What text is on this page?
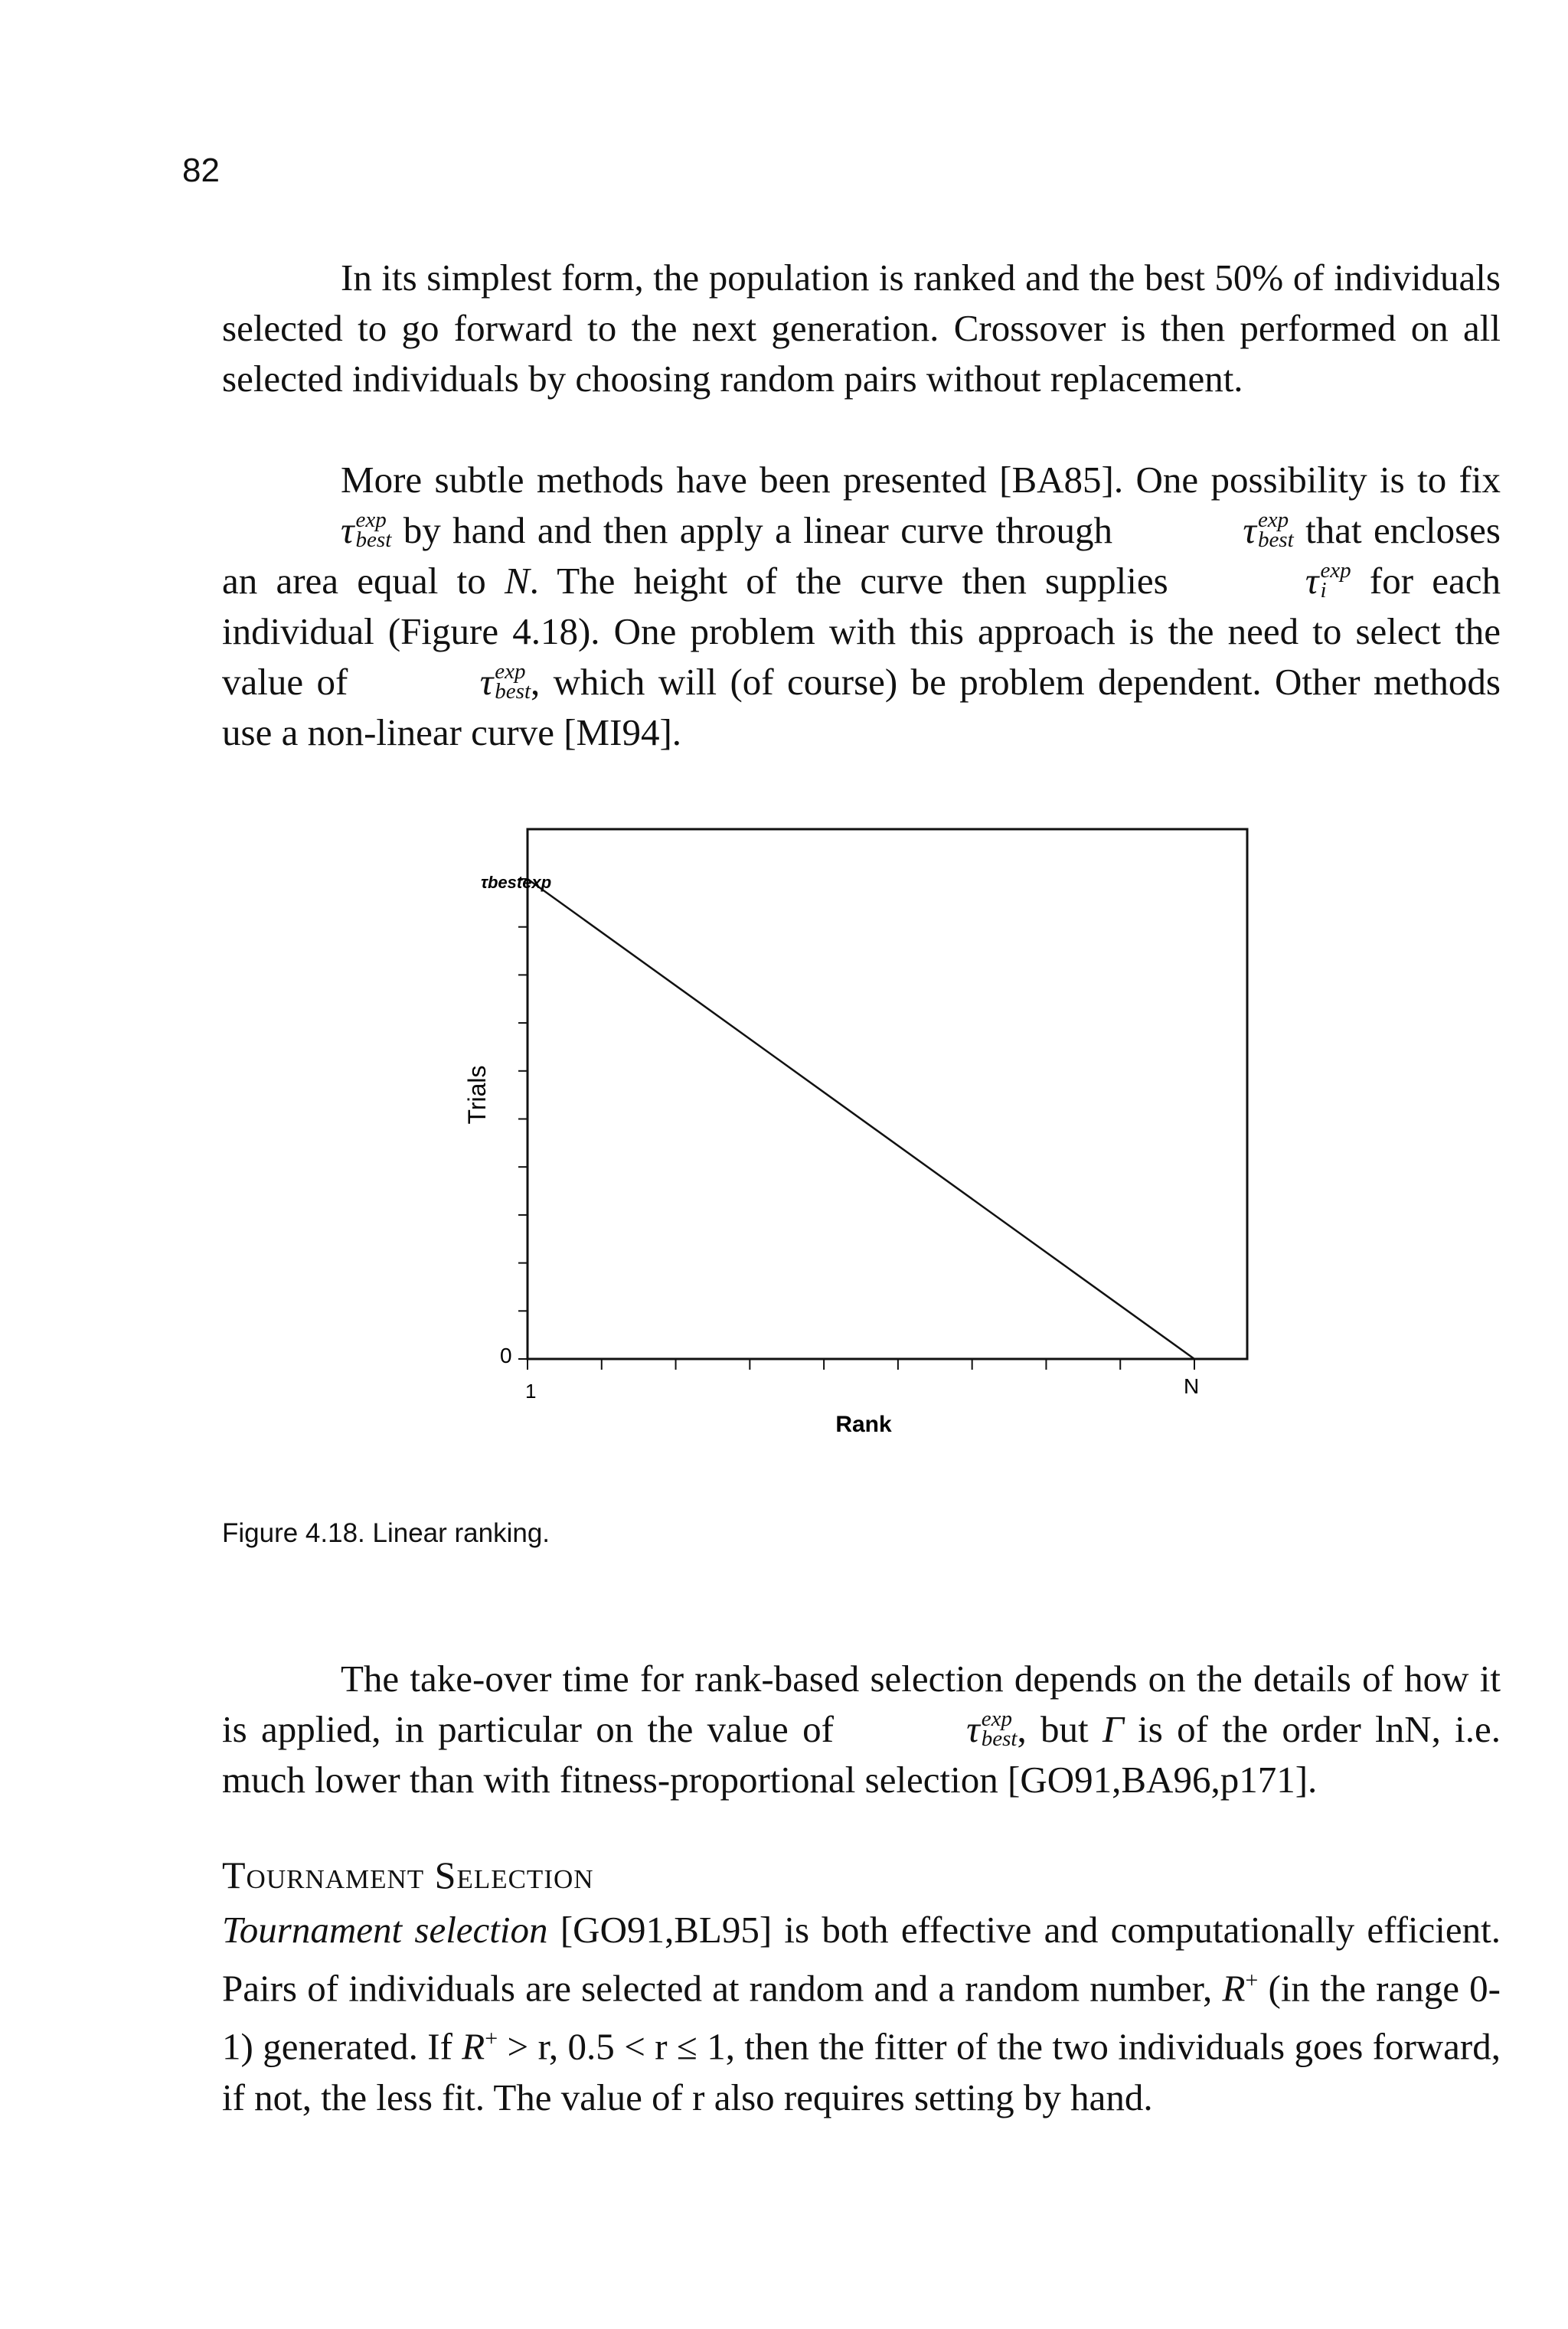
82

In its simplest form, the population is ranked and the best 50% of individuals selected to go forward to the next generation. Crossover is then performed on all selected individuals by choosing random pairs without replacement.

More subtle methods have been presented [BA85]. One possibility is to fix τ exp
best by hand and then apply a linear curve through	τ exp
best that encloses an area equal to N. The height of the curve then supplies	τ exp
i	for each individual (Figure 4.18). One problem with this approach is the need to select the value of	τ exp
best , which will (of course) be problem dependent. Other methods use a non-linear curve [MI94].

0
1	N
Rank
Trials
τbestexp
Figure 4.18. Linear ranking.

The take-over time for rank-based selection depends on the details of how it is applied, in particular on the value of	τ exp
best , but Γ is of the order lnN, i.e. much lower than with fitness-proportional selection [GO91,BA96,p171].

Tournament Selection

Tournament selection [GO91,BL95] is both effective and computationally efficient. Pairs of individuals are selected at random and a random number, R+ (in the range 0-1) generated. If R+ > r, 0.5 < r ≤ 1, then the fitter of the two individuals goes forward, if not, the less fit. The value of r also requires setting by hand.
